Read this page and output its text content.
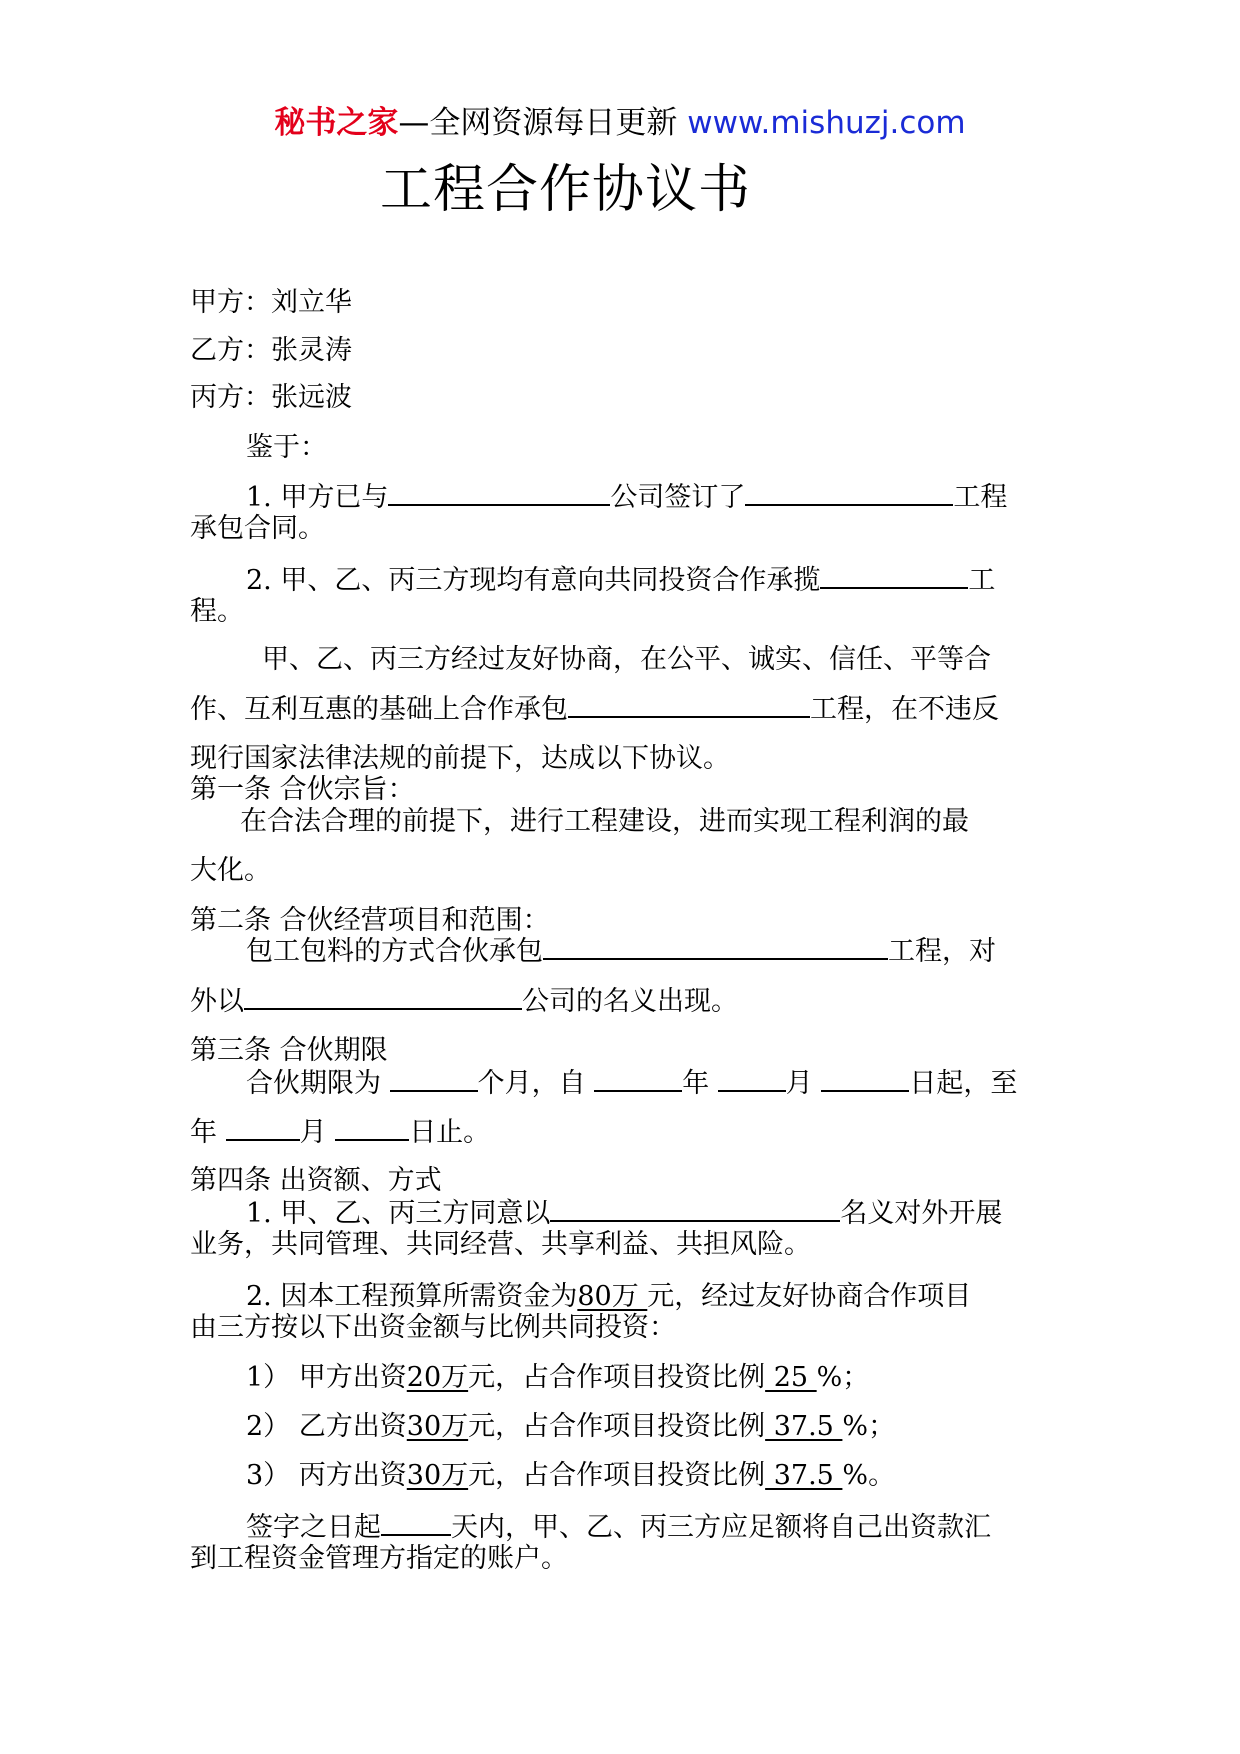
秘书之家—全网资源每日更新 www.mishuzj.com
工程合作协议书
甲方：刘立华
乙方：张灵涛
丙方：张远波
鉴于：
1. 甲方已与	公司签订了	工程
承包合同。
2. 甲、乙、丙三方现均有意向共同投资合作承揽	工
程。
甲、乙、丙三方经过友好协商，在公平、诚实、信任、平等合
作、互利互惠的基础上合作承包	工程，在不违反
现行国家法律法规的前提下，达成以下协议。
第一条 合伙宗旨：
在合法合理的前提下，进行工程建设，进而实现工程利润的最
大化。
第二条 合伙经营项目和范围：
包工包料的方式合伙承包	工程，对
外以	公司的名义出现。
第三条 合伙期限
合伙期限为	个月，自	年	月	日起，至
年	月	日止。
第四条 出资额、方式
1. 甲、乙、丙三方同意以	名义对外开展
业务，共同管理、共同经营、共享利益、共担风险。
2. 因本工程预算所需资金为80万 元，经过友好协商合作项目
由三方按以下出资金额与比例共同投资：
1） 甲方出资20万元，占合作项目投资比例 25 %；
2） 乙方出资30万元，占合作项目投资比例 37.5 %；
3） 丙方出资30万元，占合作项目投资比例 37.5 %。
签字之日起	天内，甲、乙、丙三方应足额将自己出资款汇
到工程资金管理方指定的账户。
